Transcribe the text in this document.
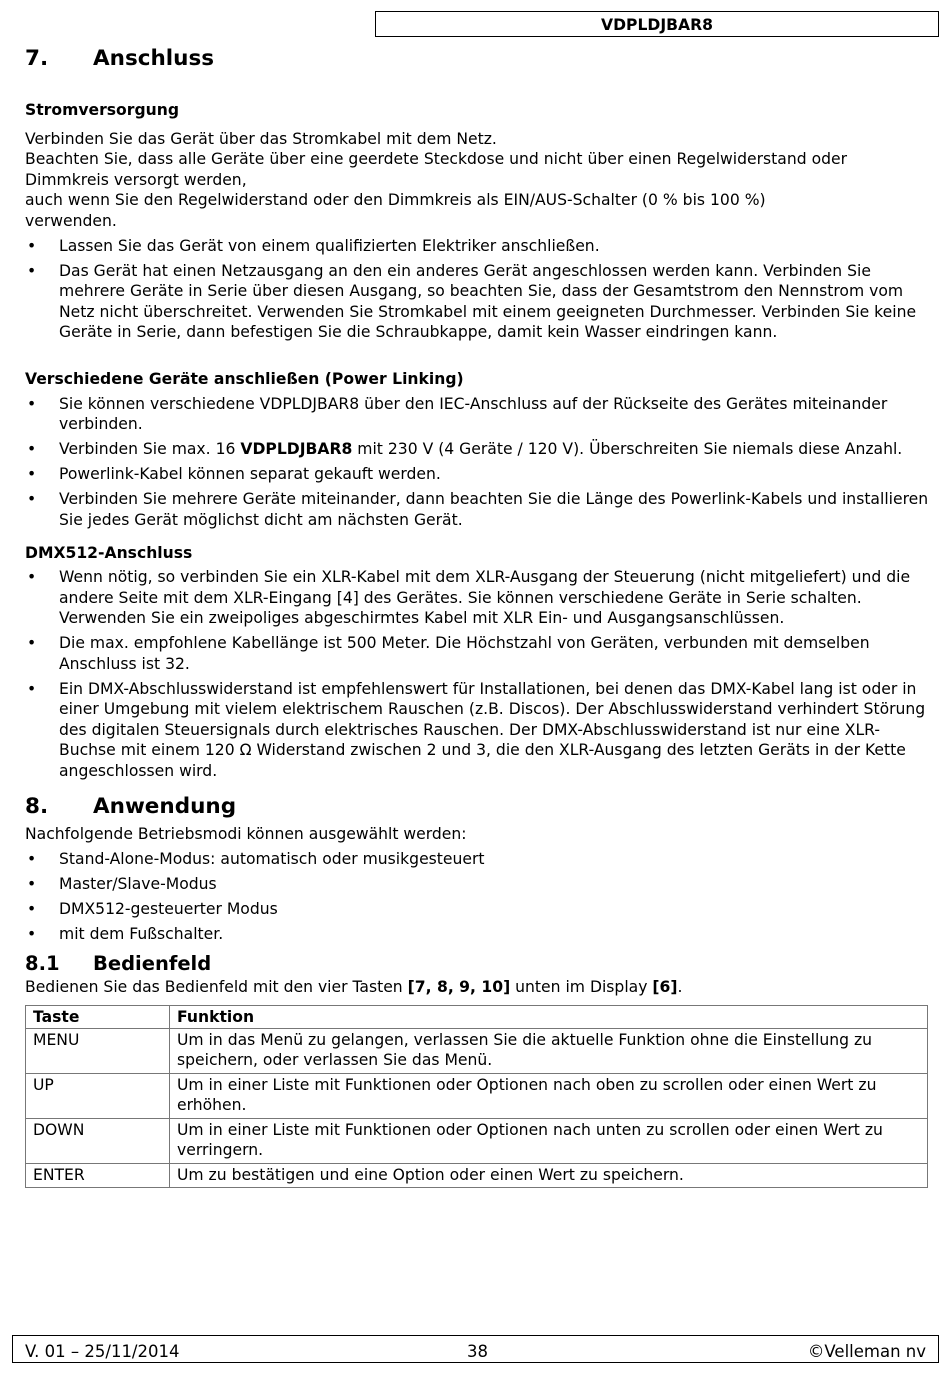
VDPLDJBAR8
7.	Anschluss

Stromversorgung

Verbinden Sie das Gerät über das Stromkabel mit dem Netz.

Beachten Sie, dass alle Geräte über eine geerdete Steckdose und nicht über einen Regelwiderstand oder Dimmkreis versorgt werden,

auch wenn Sie den Regelwiderstand oder den Dimmkreis als EIN/AUS-Schalter (0 % bis 100 %) verwenden.

• Lassen Sie das Gerät von einem qualifizierten Elektriker anschließen.
• Das Gerät hat einen Netzausgang an den ein anderes Gerät angeschlossen werden kann. Verbinden Sie mehrere Geräte in Serie über diesen Ausgang, so beachten Sie, dass der Gesamtstrom den Nennstrom vom Netz nicht überschreitet. Verwenden Sie Stromkabel mit einem geeigneten Durchmesser. Verbinden Sie keine Geräte in Serie, dann befestigen Sie die Schraubkappe, damit kein Wasser eindringen kann.

Verschiedene Geräte anschließen (Power Linking)

• Sie können verschiedene VDPLDJBAR8 über den IEC-Anschluss auf der Rückseite des Gerätes miteinander verbinden.
• Verbinden Sie max. 16 VDPLDJBAR8 mit 230 V (4 Geräte / 120 V). Überschreiten Sie niemals diese Anzahl.
• Powerlink-Kabel können separat gekauft werden.
• Verbinden Sie mehrere Geräte miteinander, dann beachten Sie die Länge des Powerlink-Kabels und installieren Sie jedes Gerät möglichst dicht am nächsten Gerät.

DMX512-Anschluss

• Wenn nötig, so verbinden Sie ein XLR-Kabel mit dem XLR-Ausgang der Steuerung (nicht mitgeliefert) und die andere Seite mit dem XLR-Eingang [4] des Gerätes. Sie können verschiedene Geräte in Serie schalten. Verwenden Sie ein zweipoliges abgeschirmtes Kabel mit XLR Ein- und Ausgangsanschlüssen.
• Die max. empfohlene Kabellänge ist 500 Meter. Die Höchstzahl von Geräten, verbunden mit demselben Anschluss ist 32.
• Ein DMX-Abschlusswiderstand ist empfehlenswert für Installationen, bei denen das DMX-Kabel lang ist oder in einer Umgebung mit vielem elektrischem Rauschen (z.B. Discos). Der Abschlusswiderstand verhindert Störung des digitalen Steuersignals durch elektrisches Rauschen. Der DMX-Abschlusswiderstand ist nur eine XLR-Buchse mit einem 120 Ω Widerstand zwischen 2 und 3, die den XLR-Ausgang des letzten Geräts in der Kette angeschlossen wird.
8.	Anwendung

Nachfolgende Betriebsmodi können ausgewählt werden:

• Stand-Alone-Modus: automatisch oder musikgesteuert
• Master/Slave-Modus
• DMX512-gesteuerter Modus
• mit dem Fußschalter.
8.1	Bedienfeld

Bedienen Sie das Bedienfeld mit den vier Tasten [7, 8, 9, 10] unten im Display [6].

Taste	Funktion
MENU	Um in das Menü zu gelangen, verlassen Sie die aktuelle Funktion ohne die Einstellung zu speichern, oder verlassen Sie das Menü.
UP	Um in einer Liste mit Funktionen oder Optionen nach oben zu scrollen oder einen Wert zu erhöhen.
DOWN	Um in einer Liste mit Funktionen oder Optionen nach unten zu scrollen oder einen Wert zu verringern.
ENTER	Um zu bestätigen und eine Option oder einen Wert zu speichern.
V. 01 – 25/11/2014	38	©Velleman nv
